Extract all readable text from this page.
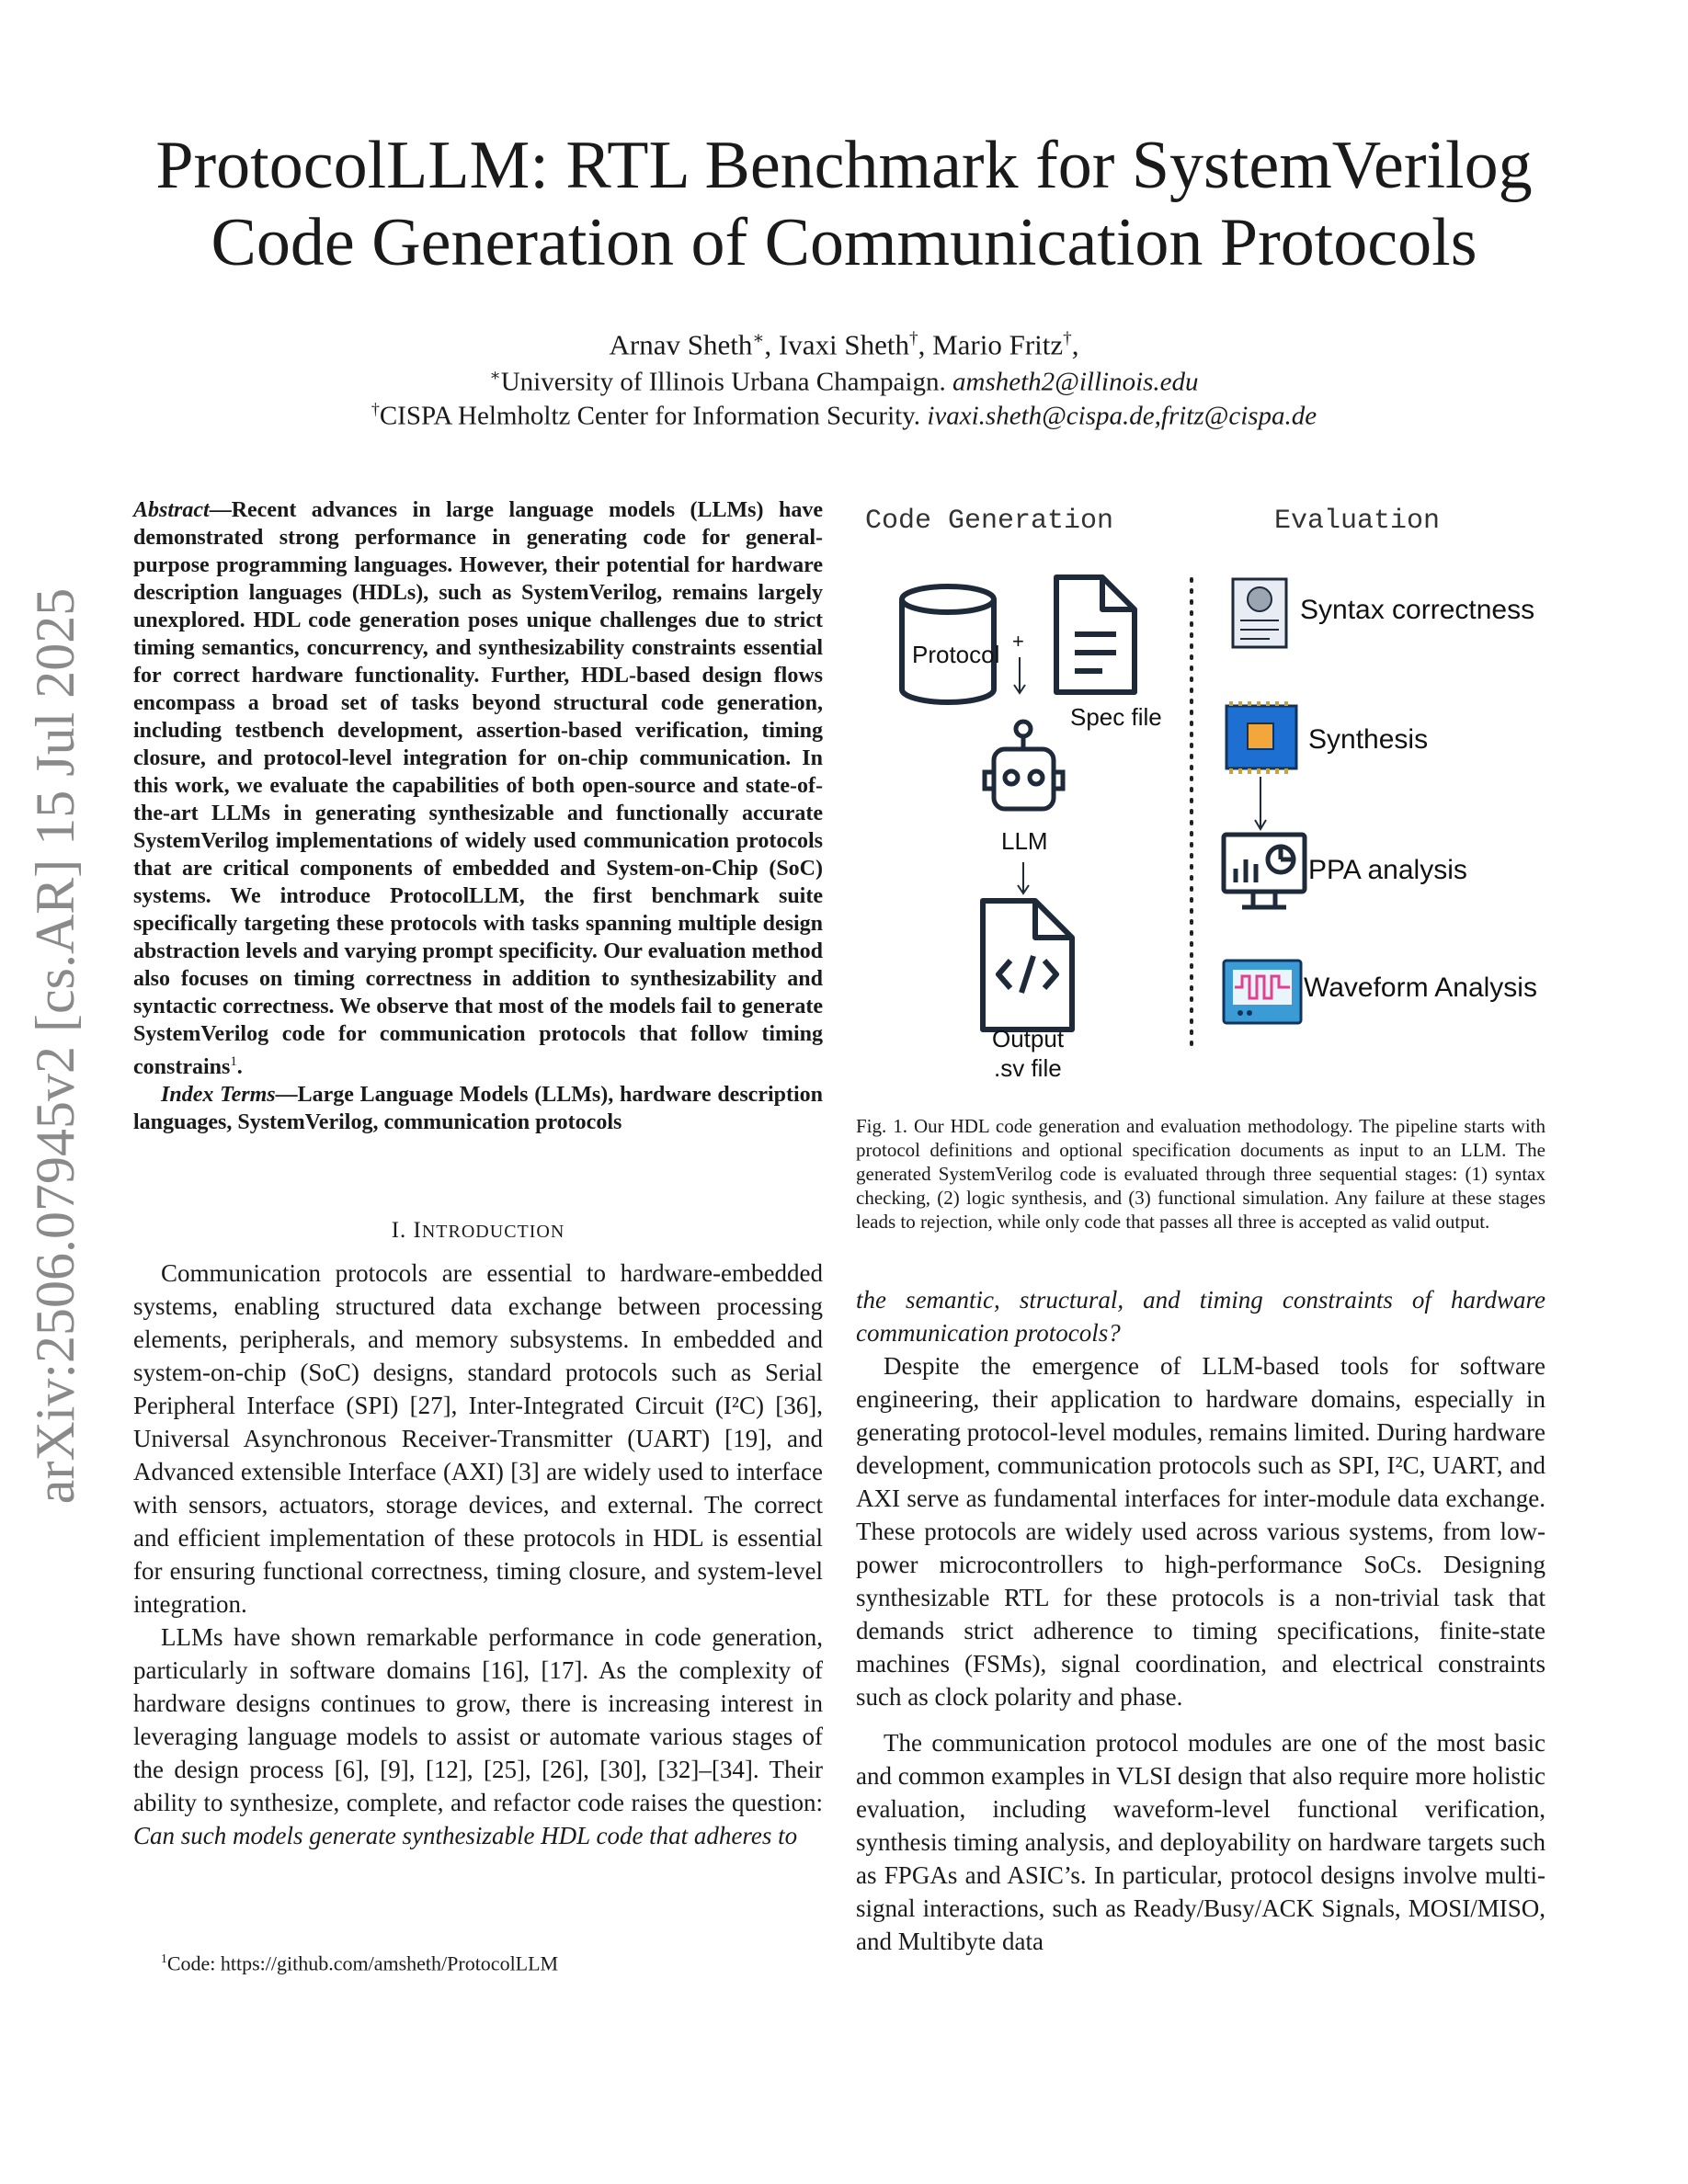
arXiv:2506.07945v2 [cs.AR] 15 Jul 2025
ProtocolLLM: RTL Benchmark for SystemVerilog
Code Generation of Communication Protocols
Arnav Sheth∗, Ivaxi Sheth†, Mario Fritz†,
∗University of Illinois Urbana Champaign. amsheth2@illinois.edu
†CISPA Helmholtz Center for Information Security. ivaxi.sheth@cispa.de,fritz@cispa.de

Abstract—Recent advances in large language models (LLMs) have demonstrated strong performance in generating code for general-purpose programming languages. However, their potential for hardware description languages (HDLs), such as SystemVerilog, remains largely unexplored. HDL code generation poses unique challenges due to strict timing semantics, concurrency, and synthesizability constraints essential for correct hardware functionality. Further, HDL-based design flows encompass a broad set of tasks beyond structural code generation, including testbench development, assertion-based verification, timing closure, and protocol-level integration for on-chip communication. In this work, we evaluate the capabilities of both open-source and state-of-the-art LLMs in generating synthesizable and functionally accurate SystemVerilog implementations of widely used communication protocols that are critical components of embedded and System-on-Chip (SoC) systems. We introduce ProtocolLLM, the first benchmark suite specifically targeting these protocols with tasks spanning multiple design abstraction levels and varying prompt specificity. Our evaluation method also focuses on timing correctness in addition to synthesizability and syntactic correctness. We observe that most of the models fail to generate SystemVerilog code for communication protocols that follow timing constrains$^1$.

Index Terms—Large Language Models (LLMs), hardware description languages, SystemVerilog, communication protocols

I. INTRODUCTION

Communication protocols are essential to hardware-embedded systems, enabling structured data exchange between processing elements, peripherals, and memory subsystems. In embedded and system-on-chip (SoC) designs, standard protocols such as Serial Peripheral Interface (SPI) [27], Inter-Integrated Circuit (I²C) [36], Universal Asynchronous Receiver-Transmitter (UART) [19], and Advanced extensible Interface (AXI) [3] are widely used to interface with sensors, actuators, storage devices, and external. The correct and efficient implementation of these protocols in HDL is essential for ensuring functional correctness, timing closure, and system-level integration.

LLMs have shown remarkable performance in code generation, particularly in software domains [16], [17]. As the complexity of hardware designs continues to grow, there is increasing interest in leveraging language models to assist or automate various stages of the design process [6], [9], [12], [25], [26], [30], [32]–[34]. Their ability to synthesize, complete, and refactor code raises the question: Can such models generate synthesizable HDL code that adheres to

$^1$Code: https://github.com/amsheth/ProtocolLLM
Code Generation	Evaluation
Protocol +
Spec file
LLM
Output
.sv file
Syntax correctness
Synthesis
PPA analysis
Waveform Analysis
Fig. 1. Our HDL code generation and evaluation methodology. The pipeline starts with protocol definitions and optional specification documents as input to an LLM. The generated SystemVerilog code is evaluated through three sequential stages: (1) syntax checking, (2) logic synthesis, and (3) functional simulation. Any failure at these stages leads to rejection, while only code that passes all three is accepted as valid output.

the semantic, structural, and timing constraints of hardware communication protocols?

Despite the emergence of LLM-based tools for software engineering, their application to hardware domains, especially in generating protocol-level modules, remains limited. During hardware development, communication protocols such as SPI, I²C, UART, and AXI serve as fundamental interfaces for inter-module data exchange. These protocols are widely used across various systems, from low-power microcontrollers to high-performance SoCs. Designing synthesizable RTL for these protocols is a non-trivial task that demands strict adherence to timing specifications, finite-state machines (FSMs), signal coordination, and electrical constraints such as clock polarity and phase.

The communication protocol modules are one of the most basic and common examples in VLSI design that also require more holistic evaluation, including waveform-level functional verification, synthesis timing analysis, and deployability on hardware targets such as FPGAs and ASIC’s. In particular, protocol designs involve multi-signal interactions, such as Ready/Busy/ACK Signals, MOSI/MISO, and Multibyte data
